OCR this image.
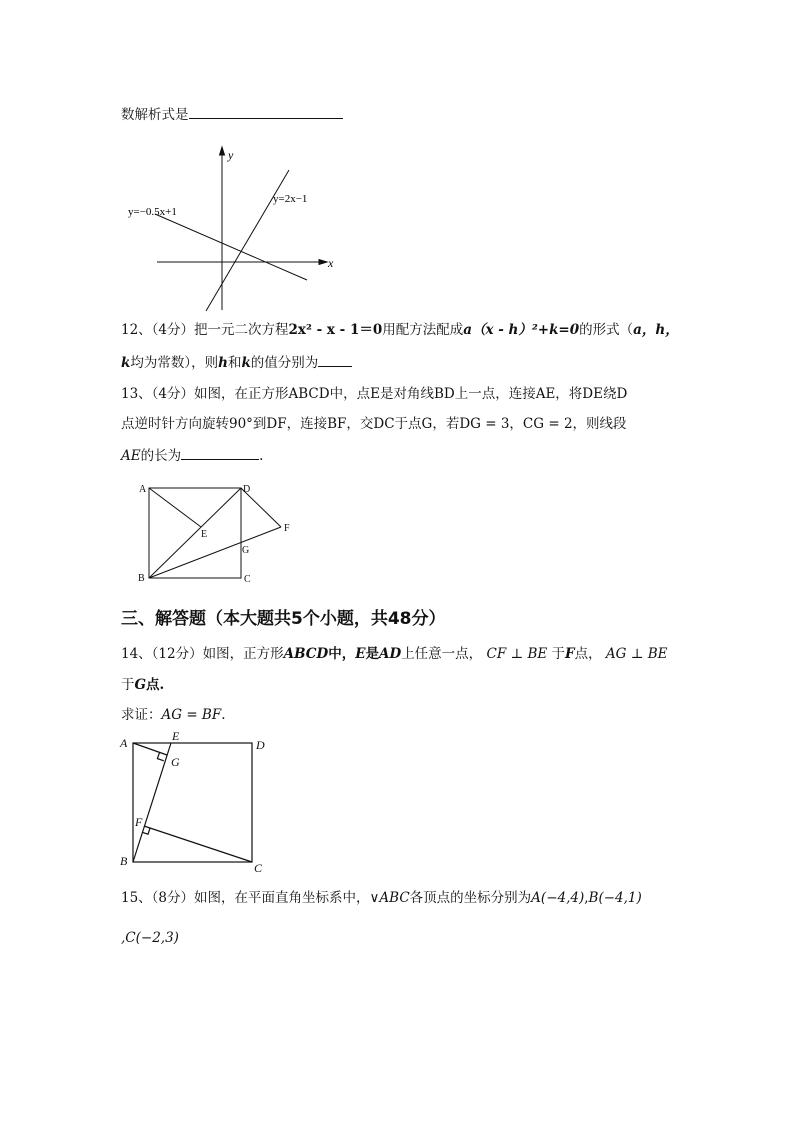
数解析式是
y
x
y=−0.5x+1
y=2x−1
12、（4分）把一元二次方程2x² - x - 1＝0用配方法配成a（x - h）²+k=0的形式（a，h，
k均为常数），则h和k的值分别为
13、（4分）如图，在正方形ABCD中，点E是对角线BD上一点，连接AE，将DE绕D
点逆时针方向旋转90°到DF，连接BF，交DC于点G，若DG = 3，CG = 2，则线段
AE的长为	.
A	D
B	C
E
F
G
三、解答题（本大题共5个小题，共48分）
14、（12分）如图，正方形ABCD中，E是AD上任意一点， CF ⊥ BE 于F点， AG ⊥ BE
于G点.
求证：AG = BF.
A	E
D
G
F
B	C
15、（8分）如图，在平面直角坐标系中，∨ABC各顶点的坐标分别为A(−4,4),B(−4,1)
,C(−2,3)
